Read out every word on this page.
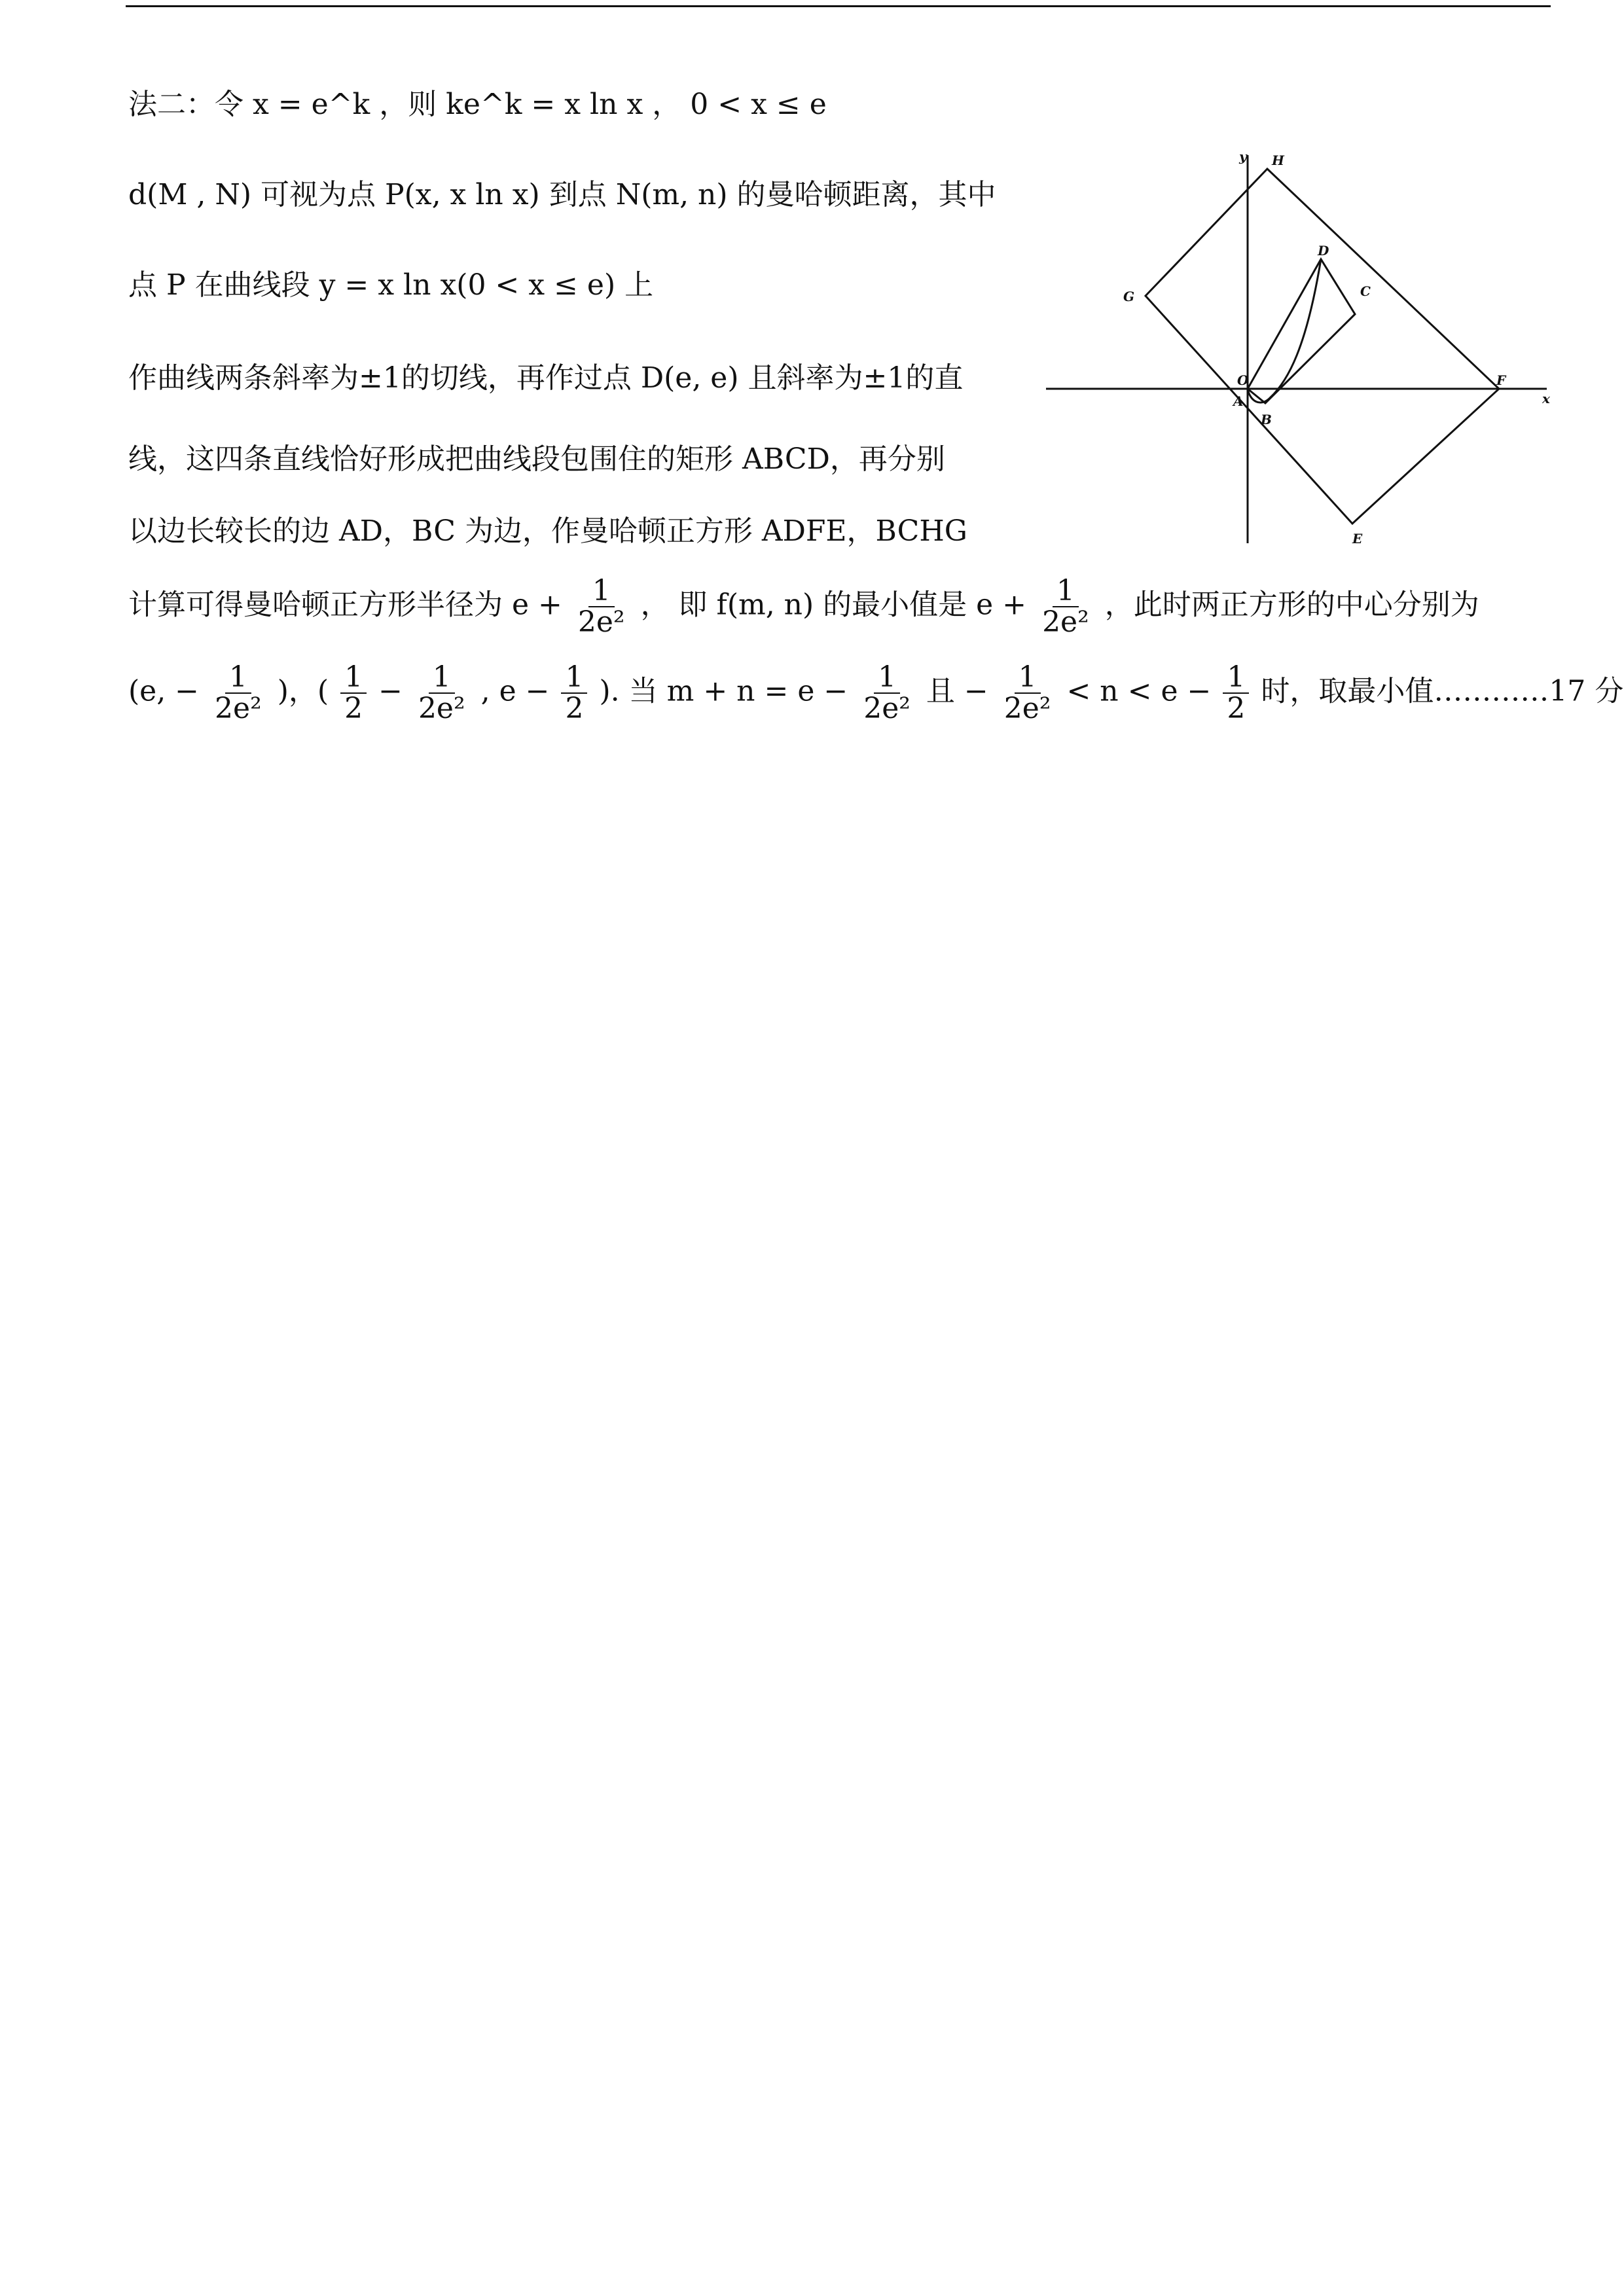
法二：令 x = e^k ，则 ke^k = x ln x ， 0 < x ≤ e
d(M , N) 可视为点 P(x, x ln x) 到点 N(m, n) 的曼哈顿距离，其中
点 P 在曲线段 y = x ln x(0 < x ≤ e) 上
作曲线两条斜率为±1的切线，再作过点 D(e, e) 且斜率为±1的直
线，这四条直线恰好形成把曲线段包围住的矩形 ABCD，再分别
以边长较长的边 AD，BC 为边，作曼哈顿正方形 ADFE，BCHG
计算可得曼哈顿正方形半径为 $e + \frac{1}{\text{2e²}}$ ， 即 f(m, n) 的最小值是 $e + \frac{1}{\text{2e²}}$ ，此时两正方形的中心分别为
(e, − $\frac{1}{\text{2e²}}$ )，( $\frac{1}{2} - \frac{1}{\text{2e²}}$ , $e - \frac{1}{2}$ ). 当 $m + n = e - \frac{1}{\text{2e²}}$ 且 − $\frac{1}{\text{2e²}} < n < e - \frac{1}{2}$ 时，取最小值…………17 分
y H
G
D
C
O
A
B
F
x
E
